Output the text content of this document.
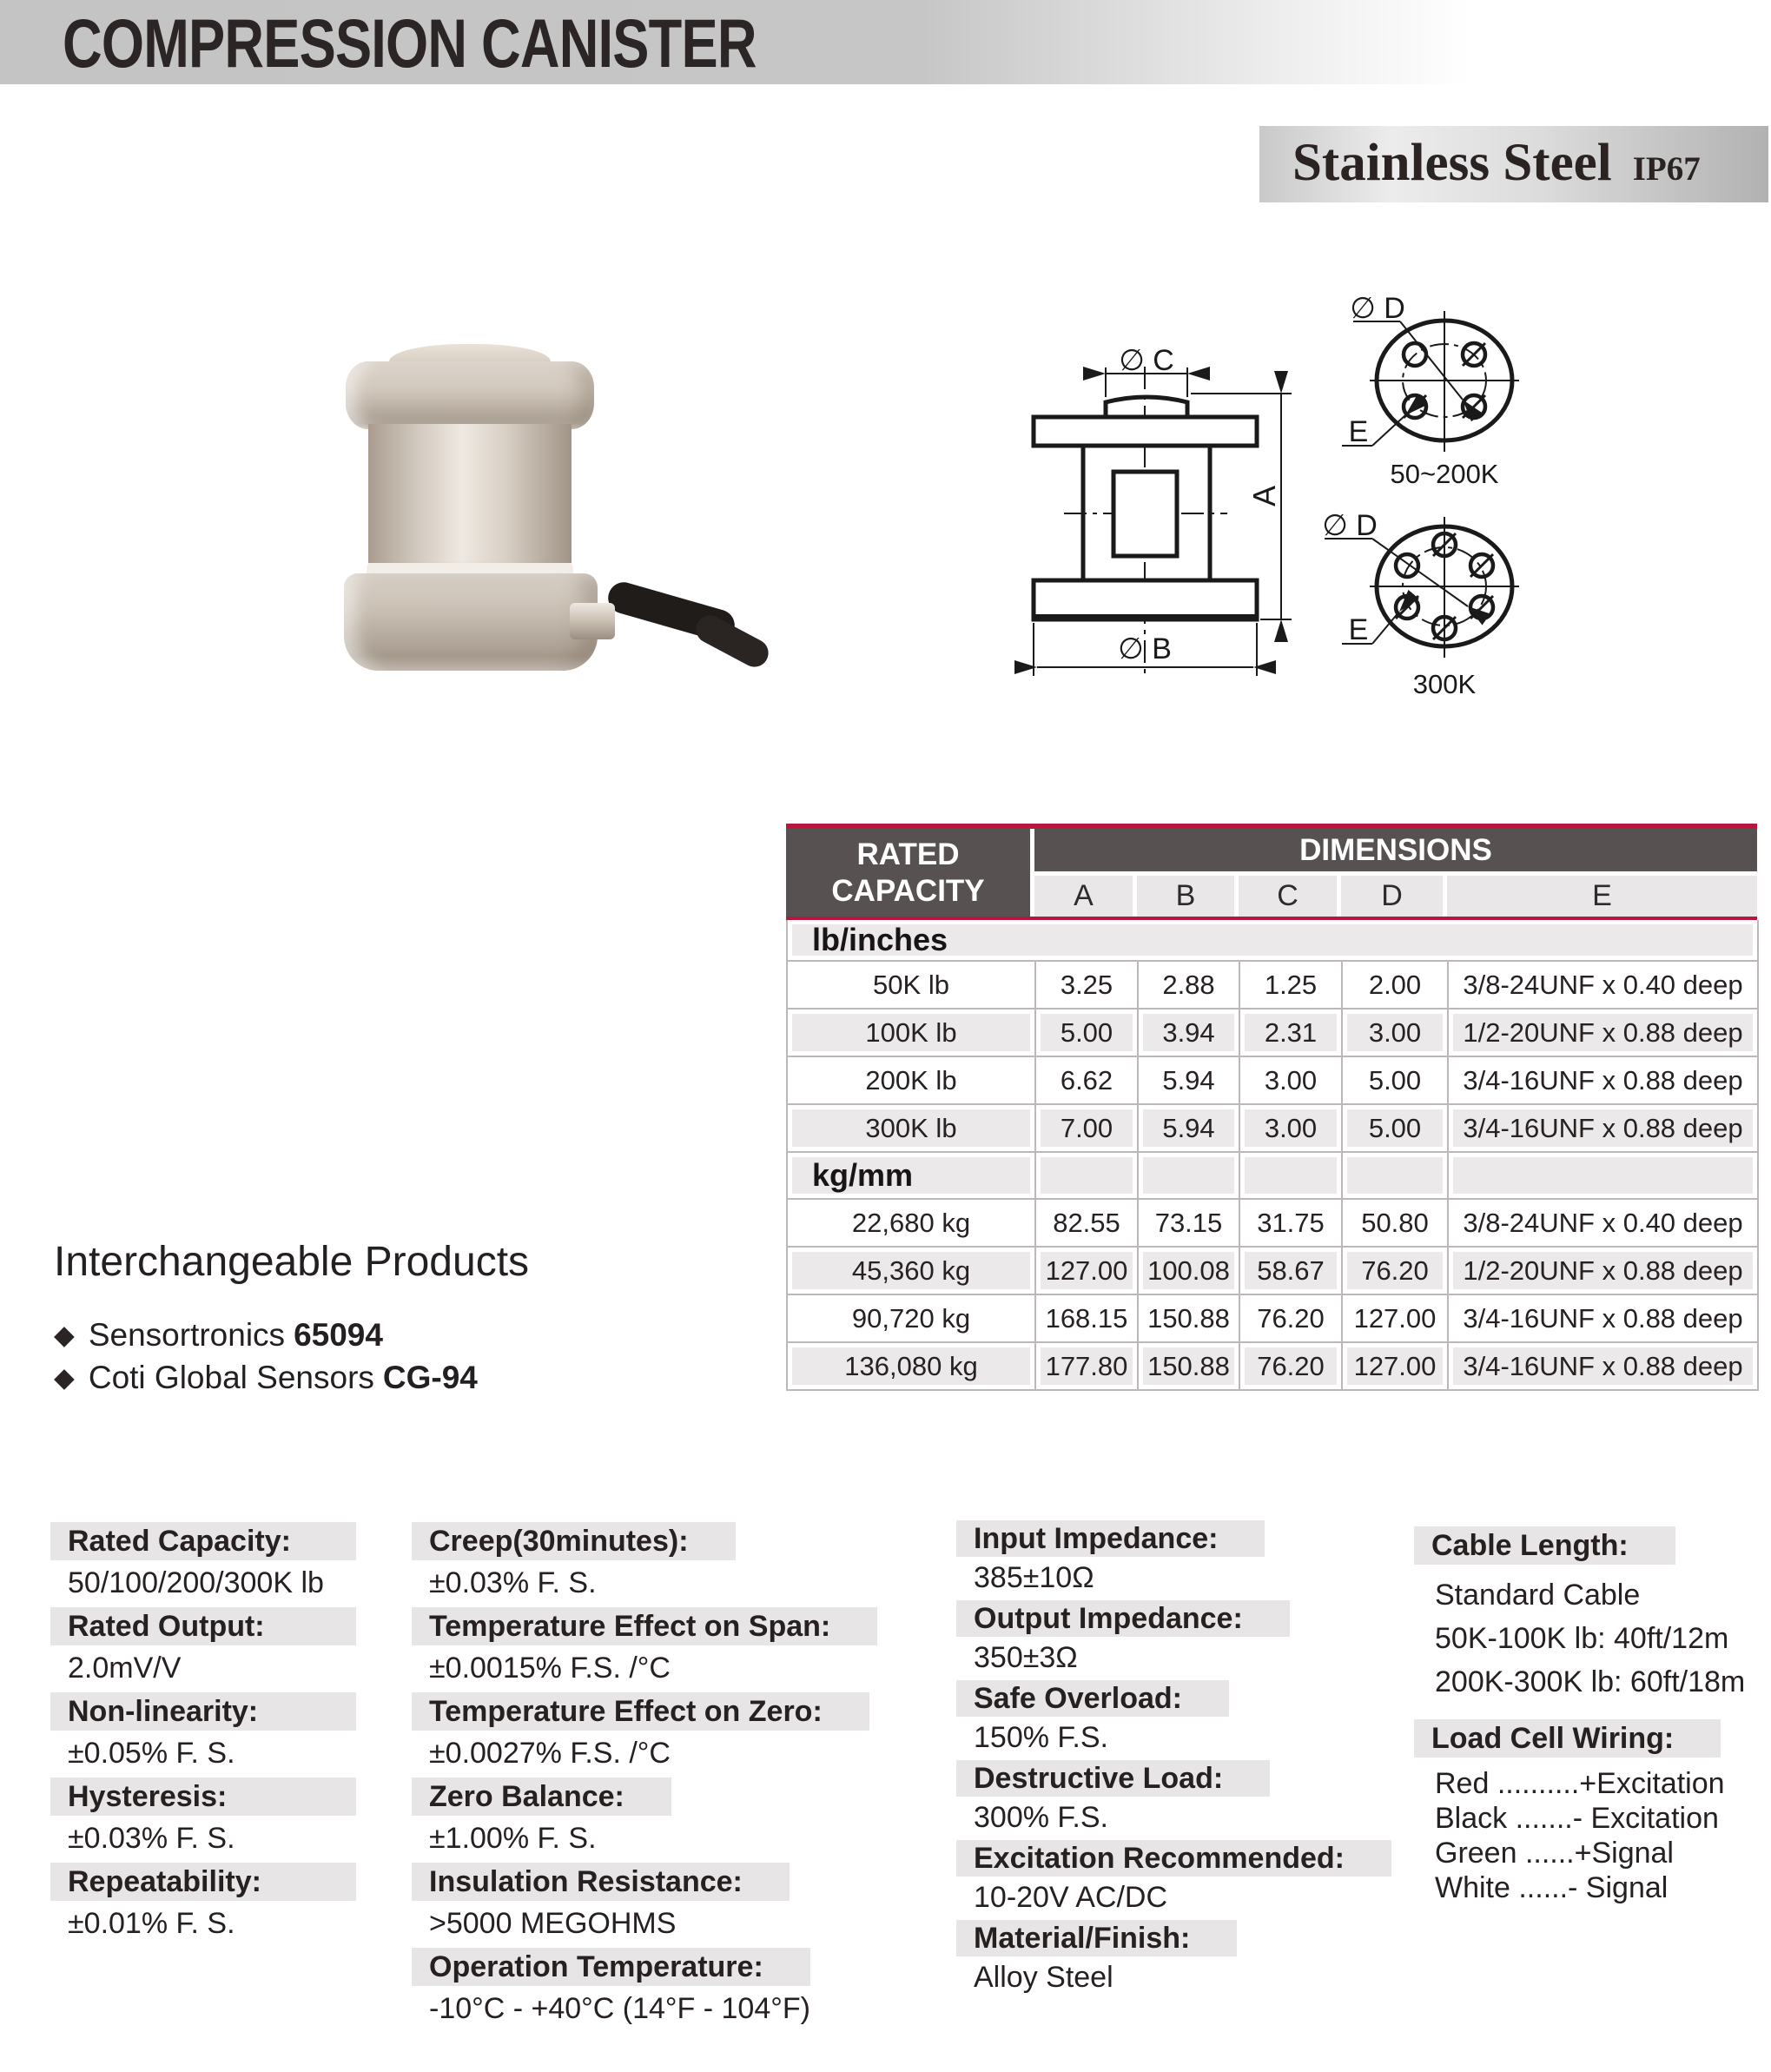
COMPRESSION CANISTER
Stainless Steel IP67
∅ C
A
∅ B
∅ D
E
50~200K
∅ D
E
300K
RATED CAPACITY
DIMENSIONS
A	B	C	D	E
lb/inches
50K lb	3.25	2.88	1.25	2.00	3/8-24UNF x 0.40 deep
100K lb	5.00	3.94	2.31	3.00	1/2-20UNF x 0.88 deep
200K lb	6.62	5.94	3.00	5.00	3/4-16UNF x 0.88 deep
300K lb	7.00	5.94	3.00	5.00	3/4-16UNF x 0.88 deep
kg/mm
22,680 kg	82.55	73.15	31.75	50.80	3/8-24UNF x 0.40 deep
45,360 kg	127.00 100.08	58.67	76.20	1/2-20UNF x 0.88 deep
90,720 kg	168.15 150.88	76.20	127.00 3/4-16UNF x 0.88 deep
136,080 kg	177.80 150.88	76.20	127.00 3/4-16UNF x 0.88 deep
Interchangeable Products
◆ Sensortronics 65094
◆ Coti Global Sensors CG-94
Rated Capacity:
50/100/200/300K lb
Rated Output:
2.0mV/V
Non-linearity:
±0.05% F. S.
Hysteresis:
±0.03% F. S.
Repeatability:
±0.01% F. S.
Creep(30minutes):
±0.03% F. S.
Temperature Effect on Span:
±0.0015% F.S. /°C
Temperature Effect on Zero:
±0.0027% F.S. /°C
Zero Balance:
±1.00% F. S.
Insulation Resistance:
>5000 MEGOHMS
Operation Temperature:
-10°C - +40°C (14°F - 104°F)
Input Impedance:
385±10Ω
Output Impedance:
350±3Ω
Safe Overload:
150% F.S.
Destructive Load:
300% F.S.
Excitation Recommended:
10-20V AC/DC
Material/Finish:
Alloy Steel
Cable Length:
Standard Cable
50K-100K lb: 40ft/12m
200K-300K lb: 60ft/18m
Load Cell Wiring:
Red ..........+Excitation
Black .......- Excitation
Green ......+Signal
White ......- Signal
